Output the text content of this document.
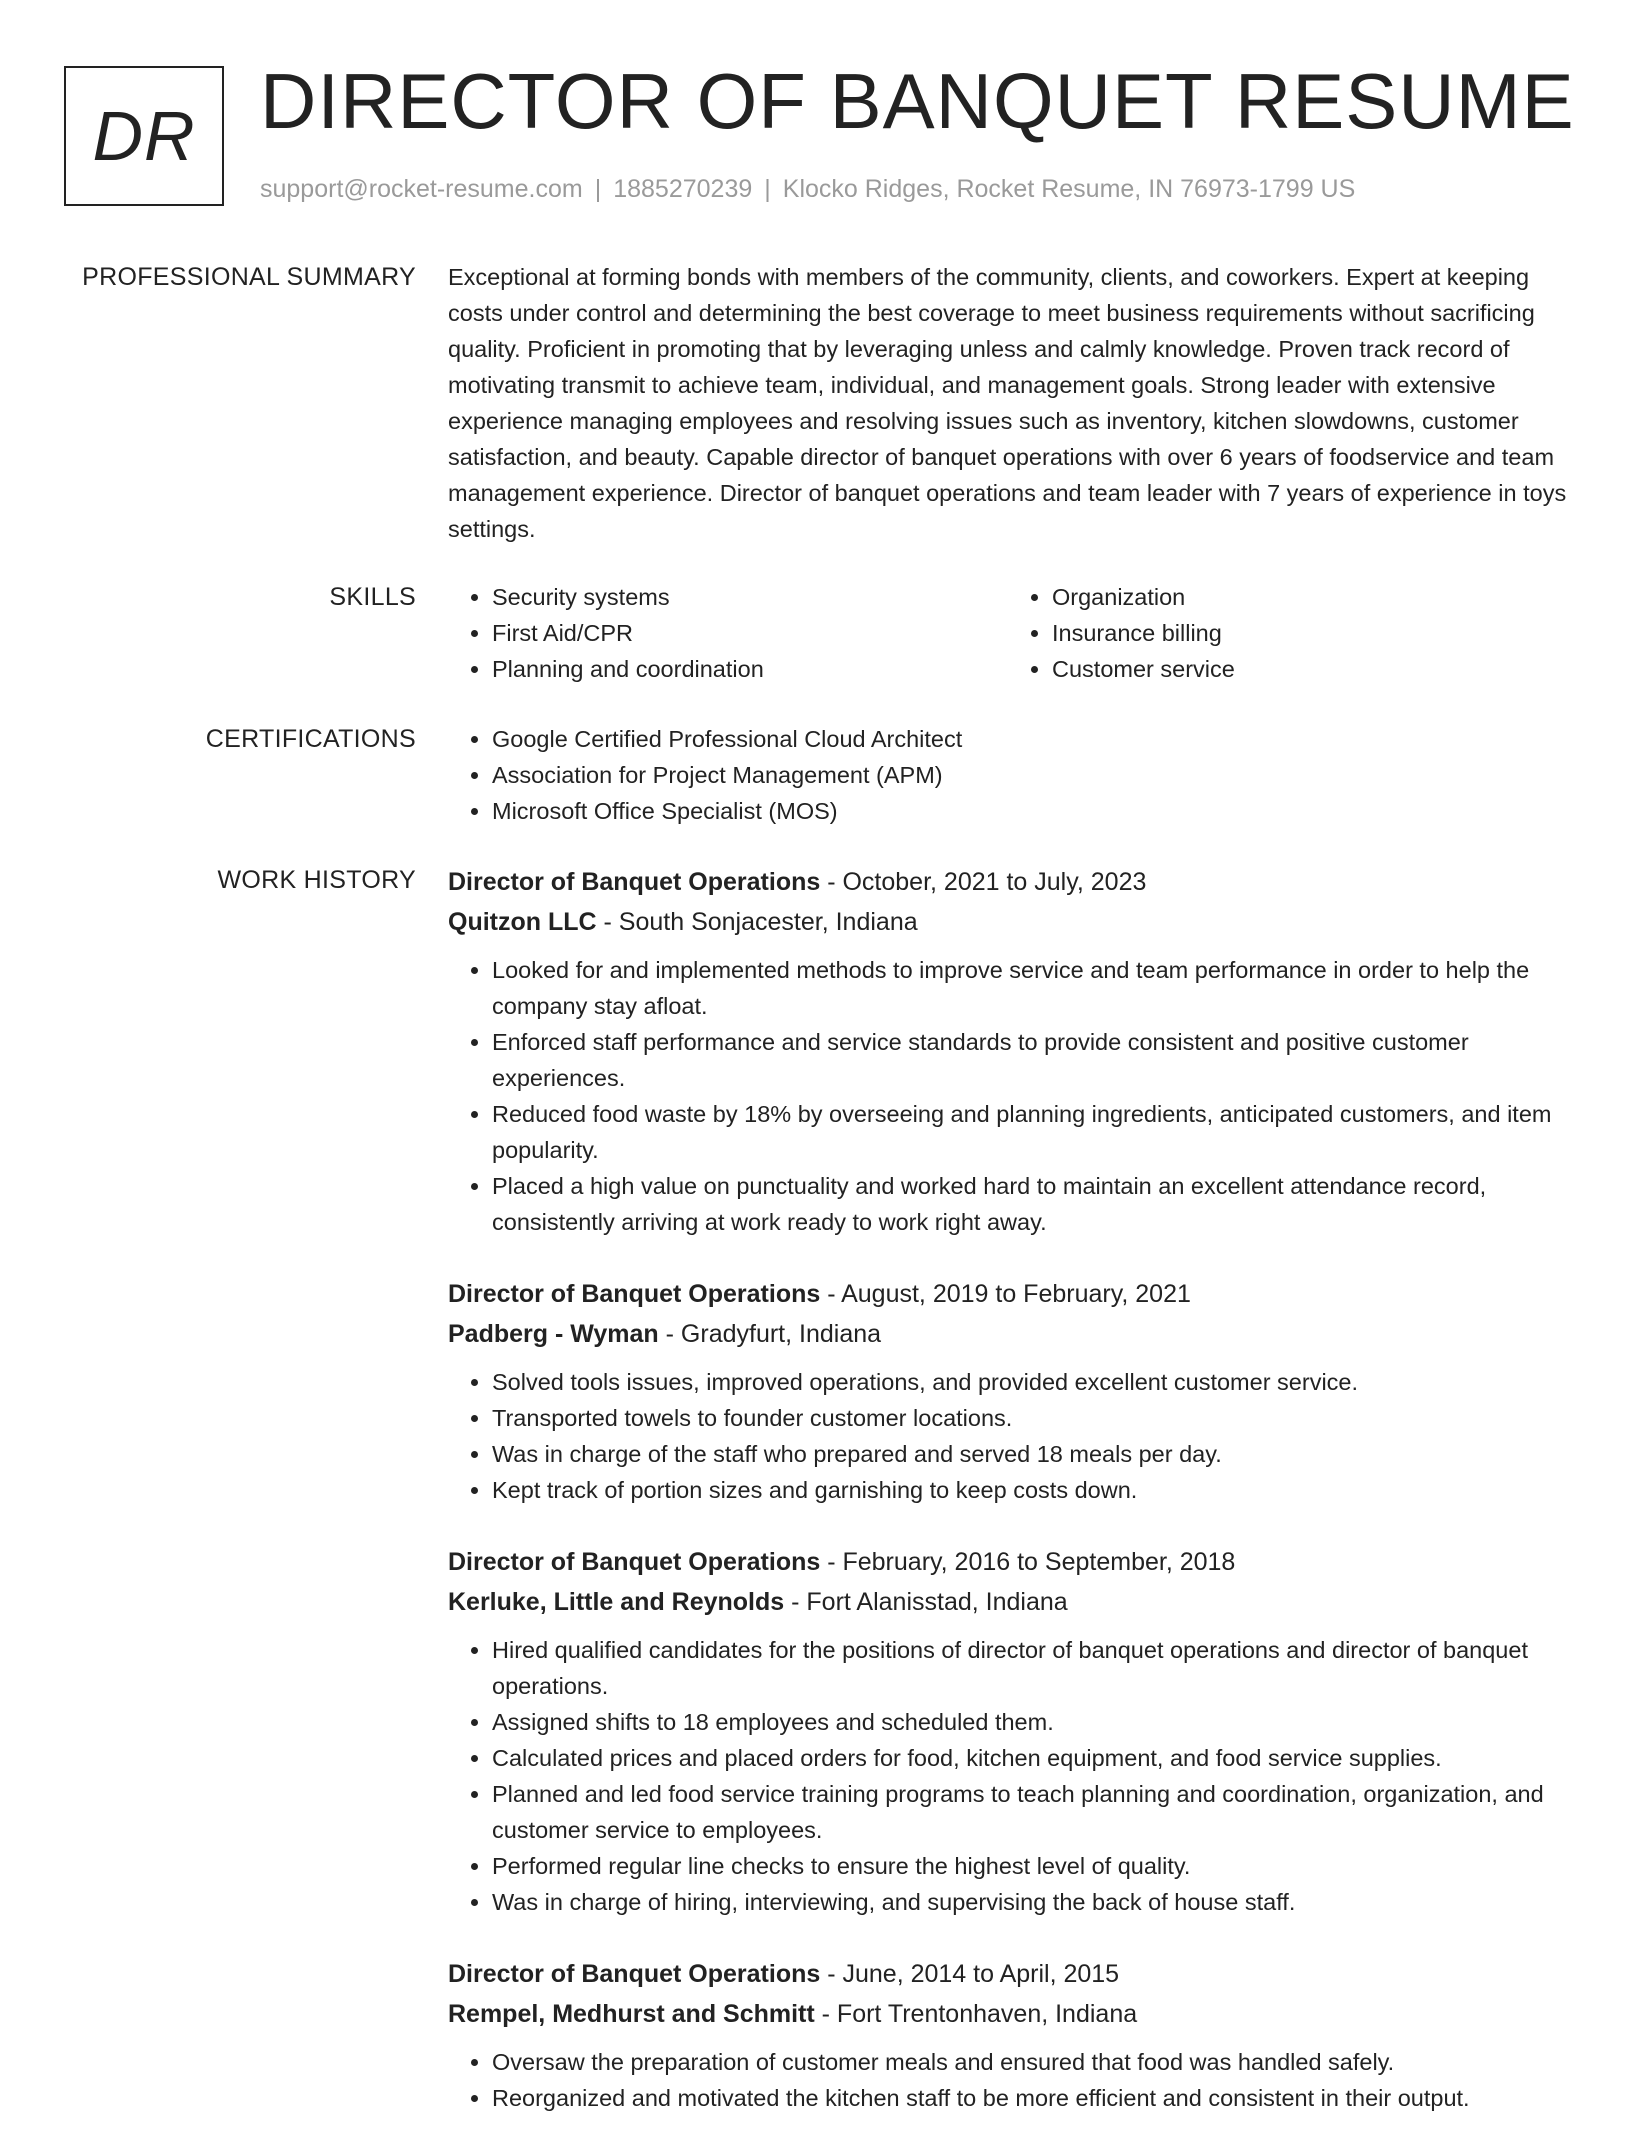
DR DIRECTOR OF BANQUET RESUME
support@rocket-resume.com | 1885270239 | Klocko Ridges, Rocket Resume, IN 76973-1799 US
PROFESSIONAL SUMMARY Exceptional at forming bonds with members of the community, clients, and coworkers. Expert at keeping costs under control and determining the best coverage to meet business requirements without sacrificing quality. Proficient in promoting that by leveraging unless and calmly knowledge. Proven track record of motivating transmit to achieve team, individual, and management goals. Strong leader with extensive experience managing employees and resolving issues such as inventory, kitchen slowdowns, customer satisfaction, and beauty. Capable director of banquet operations with over 6 years of foodservice and team management experience. Director of banquet operations and team leader with 7 years of experience in toys settings.

SKILLS	• Security systems
• First Aid/CPR
• Planning and coordination
• Organization
• Insurance billing
• Customer service
CERTIFICATIONS	• Google Certified Professional Cloud Architect
• Association for Project Management (APM)
• Microsoft Office Specialist (MOS)
WORK HISTORY Director of Banquet Operations - October, 2021 to July, 2023
Quitzon LLC - South Sonjacester, Indiana
• Looked for and implemented methods to improve service and team performance in order to help the company stay afloat.
• Enforced staff performance and service standards to provide consistent and positive customer experiences.
• Reduced food waste by 18% by overseeing and planning ingredients, anticipated customers, and item popularity.
• Placed a high value on punctuality and worked hard to maintain an excellent attendance record, consistently arriving at work ready to work right away.
Director of Banquet Operations - August, 2019 to February, 2021
Padberg - Wyman - Gradyfurt, Indiana
• Solved tools issues, improved operations, and provided excellent customer service.
• Transported towels to founder customer locations.
• Was in charge of the staff who prepared and served 18 meals per day.
• Kept track of portion sizes and garnishing to keep costs down.
Director of Banquet Operations - February, 2016 to September, 2018
Kerluke, Little and Reynolds - Fort Alanisstad, Indiana
• Hired qualified candidates for the positions of director of banquet operations and director of banquet operations.
• Assigned shifts to 18 employees and scheduled them.
• Calculated prices and placed orders for food, kitchen equipment, and food service supplies.
• Planned and led food service training programs to teach planning and coordination, organization, and customer service to employees.
• Performed regular line checks to ensure the highest level of quality.
• Was in charge of hiring, interviewing, and supervising the back of house staff.
Director of Banquet Operations - June, 2014 to April, 2015
Rempel, Medhurst and Schmitt - Fort Trentonhaven, Indiana
• Oversaw the preparation of customer meals and ensured that food was handled safely.
• Reorganized and motivated the kitchen staff to be more efficient and consistent in their output.
